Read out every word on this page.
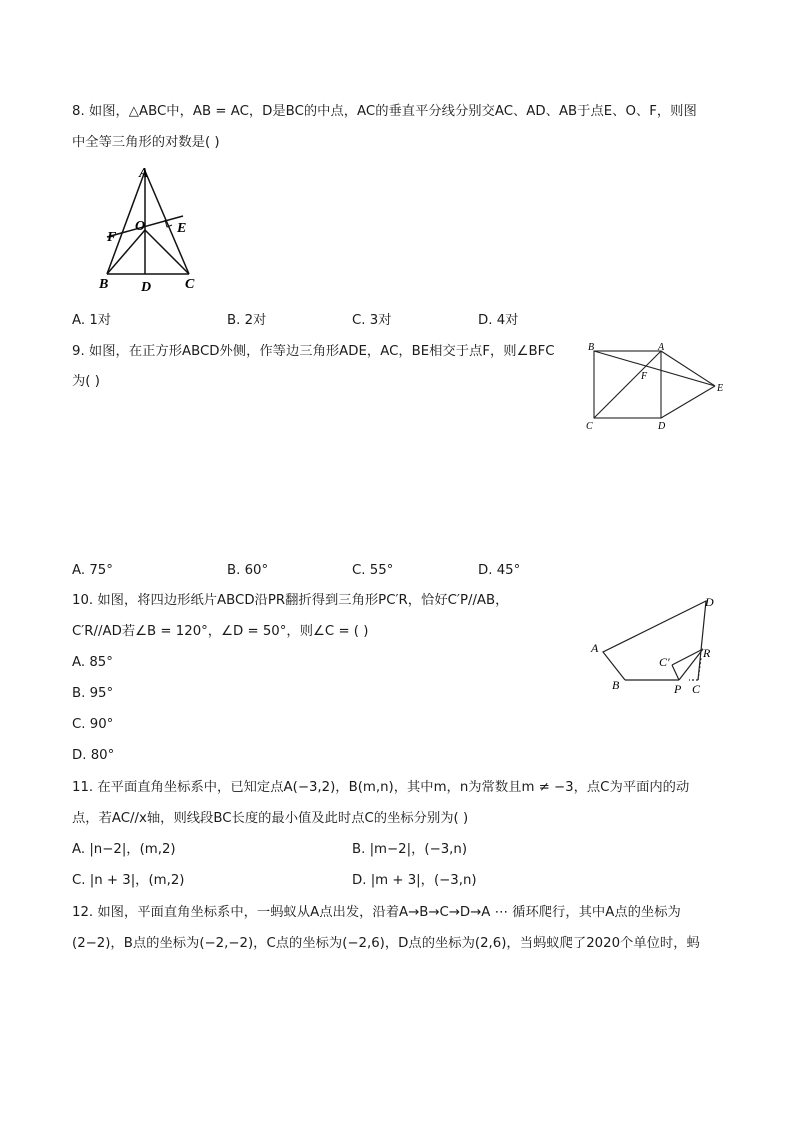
8. 如图，△ABC中，AB = AC，D是BC的中点，AC的垂直平分线分别交AC、AD、AB于点E、O、F，则图
中全等三角形的对数是( )
A
F
O E
B D C
A. 1对	B. 2对	C. 3对	D. 4对
9. 如图，在正方形ABCD外侧，作等边三角形ADE，AC，BE相交于点F，则∠BFC
为( )
B	A
E
F
C	D
A. 75°	B. 60°	C. 55°	D. 45°
10. 如图，将四边形纸片ABCD沿PR翻折得到三角形PC′R，恰好C′P//AB，
C′R//AD若∠B = 120°，∠D = 50°，则∠C = ( )
D
A
B
C′
R
P C
A. 85°
B. 95°
C. 90°
D. 80°
11. 在平面直角坐标系中，已知定点A(−3,2)，B(m,n)，其中m，n为常数且m ≠ −3，点C为平面内的动
点，若AC//x轴，则线段BC长度的最小值及此时点C的坐标分别为( )
A. |n−2|，(m,2)	B. |m−2|，(−3,n)
C. |n + 3|，(m,2)	D. |m + 3|，(−3,n)
12. 如图，平面直角坐标系中，一蚂蚁从A点出发，沿着A→B→C→D→A ⋯ 循环爬行，其中A点的坐标为
(2−2)，B点的坐标为(−2,−2)，C点的坐标为(−2,6)，D点的坐标为(2,6)，当蚂蚁爬了2020个单位时，蚂
